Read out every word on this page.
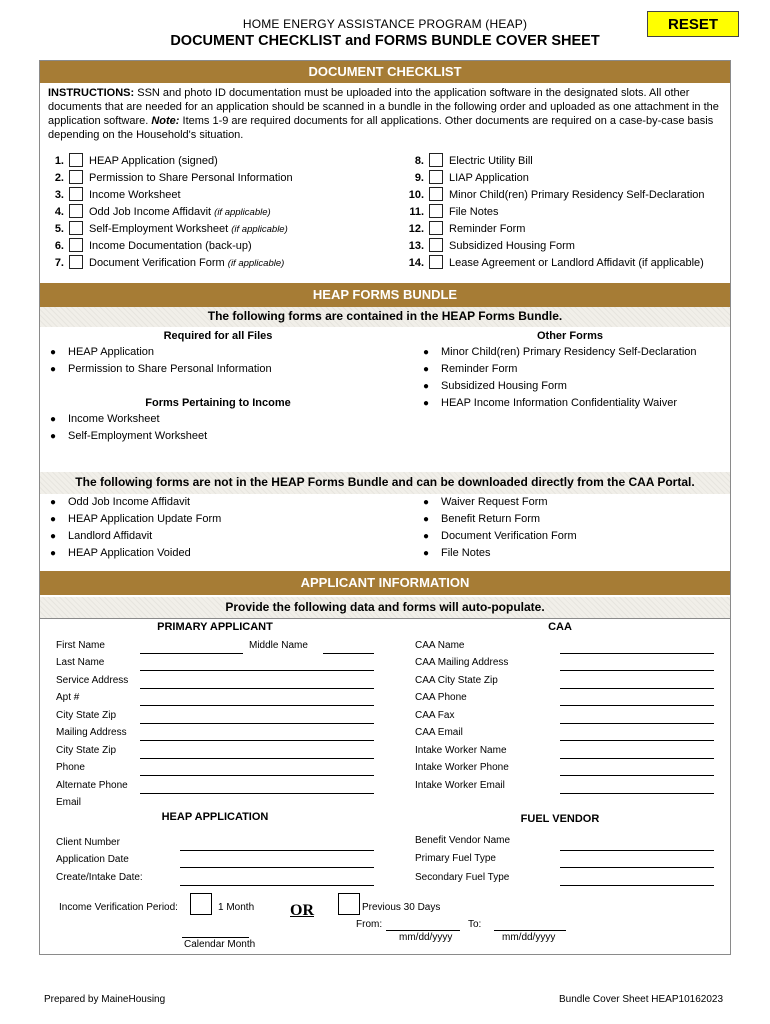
HOME ENERGY ASSISTANCE PROGRAM (HEAP)
DOCUMENT CHECKLIST and FORMS BUNDLE COVER SHEET
RESET
DOCUMENT CHECKLIST
INSTRUCTIONS: SSN and photo ID documentation must be uploaded into the application software in the designated slots. All other documents that are needed for an application should be scanned in a bundle in the following order and uploaded as one attachment in the application software. Note: Items 1-9 are required documents for all applications. Other documents are required on a case-by-case basis depending on the Household's situation.
1. HEAP Application (signed)
2. Permission to Share Personal Information
3. Income Worksheet
4. Odd Job Income Affidavit (if applicable)
5. Self-Employment Worksheet (if applicable)
6. Income Documentation (back-up)
7. Document Verification Form (if applicable)
8. Electric Utility Bill
9. LIAP Application
10. Minor Child(ren) Primary Residency Self-Declaration
11. File Notes
12. Reminder Form
13. Subsidized Housing Form
14. Lease Agreement or Landlord Affidavit (if applicable)
HEAP FORMS BUNDLE
The following forms are contained in the HEAP Forms Bundle.
Required for all Files
● HEAP Application
● Permission to Share Personal Information
Forms Pertaining to Income
● Income Worksheet
● Self-Employment Worksheet
Other Forms
● Minor Child(ren) Primary Residency Self-Declaration
● Reminder Form
● Subsidized Housing Form
● HEAP Income Information Confidentiality Waiver
The following forms are not in the HEAP Forms Bundle and can be downloaded directly from the CAA Portal.
● Odd Job Income Affidavit
● HEAP Application Update Form
● Landlord Affidavit
● HEAP Application Voided
● Waiver Request Form
● Benefit Return Form
● Document Verification Form
● File Notes
APPLICANT INFORMATION
Provide the following data and forms will auto-populate.
PRIMARY APPLICANT	CAA
First Name	Middle Name
Last Name
Service Address
Apt #
City State Zip
Mailing Address
City State Zip
Phone
Alternate Phone
Email
CAA Name
CAA Mailing Address
CAA City State Zip
CAA Phone
CAA Fax
CAA Email
Intake Worker Name
Intake Worker Phone
Intake Worker Email
HEAP APPLICATION	FUEL VENDOR
Client Number
Application Date
Create/Intake Date:
Benefit Vendor Name
Primary Fuel Type
Secondary Fuel Type
Income Verification Period:	1 Month OR	Previous 30 Days
From:	To:
mm/dd/yyyy	mm/dd/yyyy
Calendar Month
Prepared by MaineHousing	Bundle Cover Sheet HEAP10162023
